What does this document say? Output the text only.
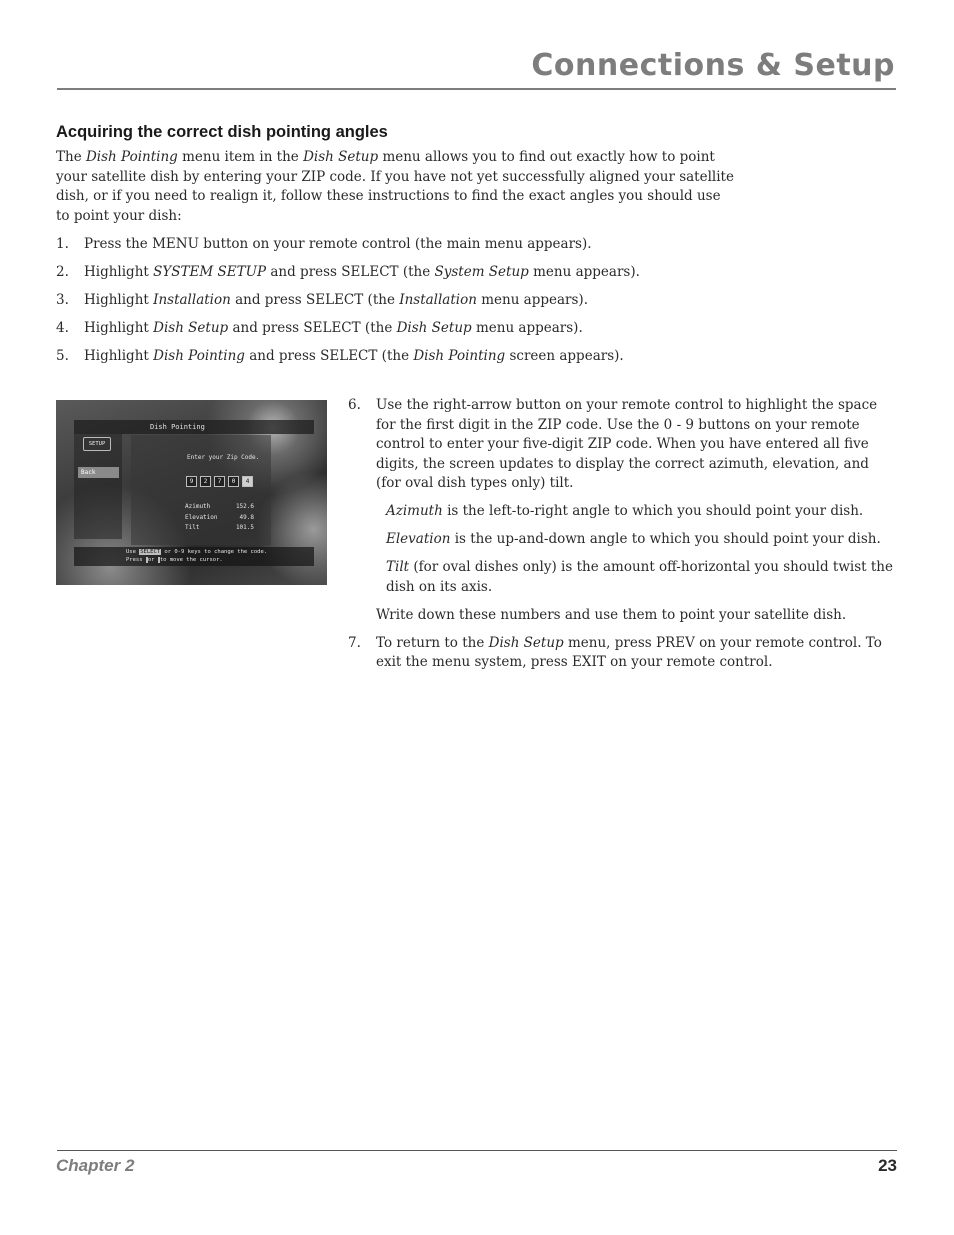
Connections & Setup
Acquiring the correct dish pointing angles

The Dish Pointing menu item in the Dish Setup menu allows you to find out exactly how to point your satellite dish by entering your ZIP code. If you have not yet successfully aligned your satellite dish, or if you need to realign it, follow these instructions to find the exact angles you should use to point your dish:

1. Press the MENU button on your remote control (the main menu appears).
2. Highlight SYSTEM SETUP and press SELECT (the System Setup menu appears).
3. Highlight Installation and press SELECT (the Installation menu appears).
4. Highlight Dish Setup and press SELECT (the Dish Setup menu appears).
5. Highlight Dish Pointing and press SELECT (the Dish Pointing screen appears).
Dish Pointing
SETUP
Back
Enter your Zip Code.
9	2	7	0	4
Azimuth	152.6
Elevation	49.8
Tilt	101.5
Use SELECT or 0-9 keys to change the code.
Press or to move the cursor.
6. Use the right-arrow button on your remote control to highlight the space for the first digit in the ZIP code. Use the 0 - 9 buttons on your remote control to enter your five-digit ZIP code. When you have entered all five digits, the screen updates to display the correct azimuth, elevation, and (for oval dish types only) tilt.
Azimuth is the left-to-right angle to which you should point your dish.
Elevation is the up-and-down angle to which you should point your dish.
Tilt (for oval dishes only) is the amount off-horizontal you should twist the dish on its axis.
Write down these numbers and use them to point your satellite dish.
7. To return to the Dish Setup menu, press PREV on your remote control. To exit the menu system, press EXIT on your remote control.
Chapter 2	23
